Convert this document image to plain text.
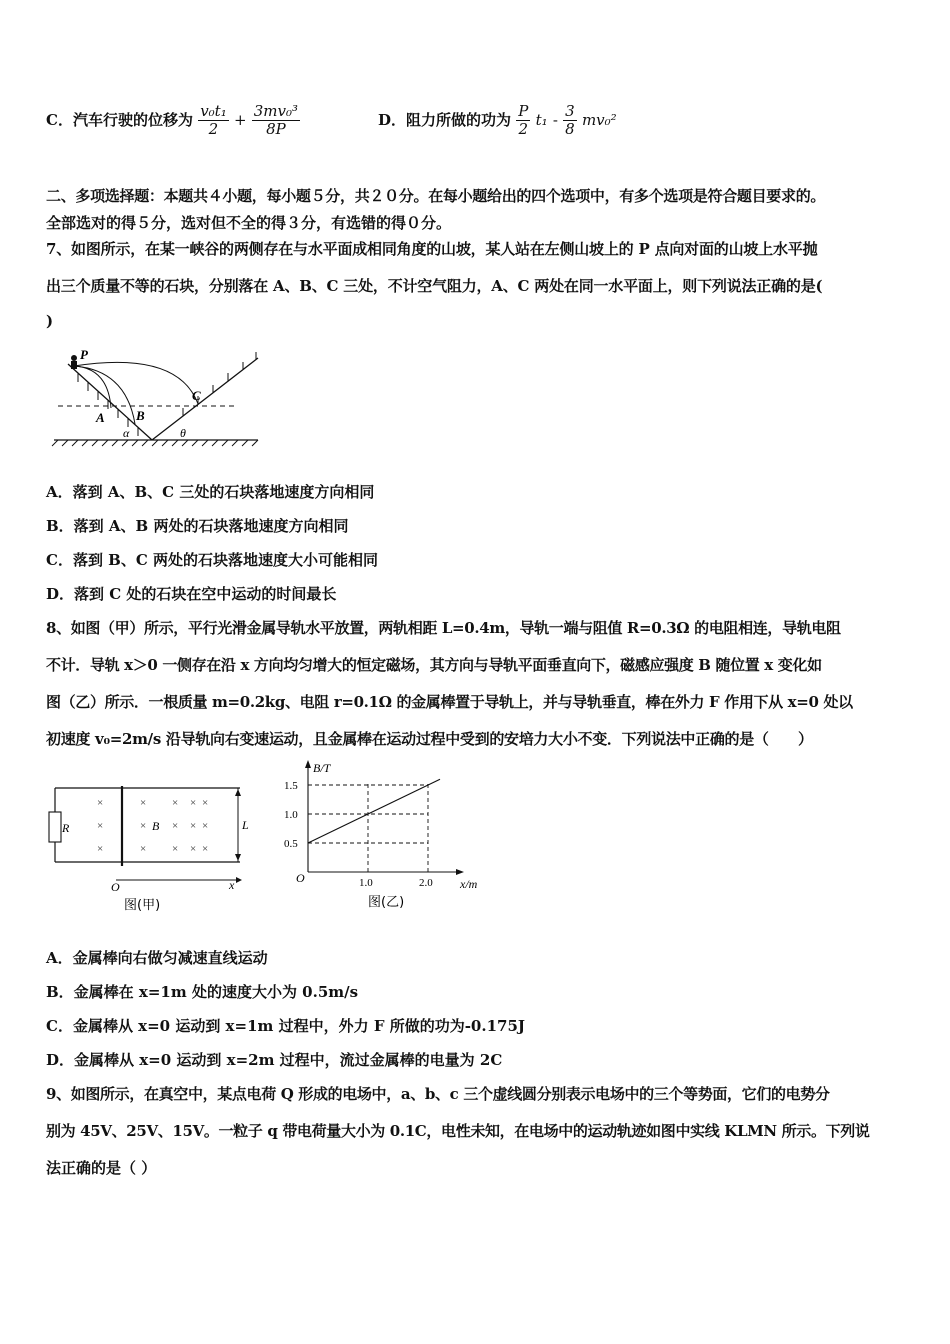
C．汽车行驶的位移为 $\frac{\text{v₀t₁}}{2} + \frac{\text{3mv₀³}}{8P}$	D．阻力所做的功为 $\frac{P}{2} t_1 - \frac{3}{8} mv_0^2$
二、多项选择题：本题共４小题，每小题５分，共２０分。在每小题给出的四个选项中，有多个选项是符合题目要求的。
全部选对的得５分，选对但不全的得３分，有选错的得０分。
7、如图所示，在某一峡谷的两侧存在与水平面成相同角度的山坡，某人站在左侧山坡上的 P 点向对面的山坡上水平抛
出三个质量不等的石块，分别落在 A、B、C 三处，不计空气阻力，A、C 两处在同一水平面上，则下列说法正确的是(
)
P
A B
C
α	θ
A．落到 A、B、C 三处的石块落地速度方向相同
B．落到 A、B 两处的石块落地速度方向相同
C．落到 B、C 两处的石块落地速度大小可能相同
D．落到 C 处的石块在空中运动的时间最长
8、如图（甲）所示，平行光滑金属导轨水平放置，两轨相距 L=0.4m，导轨一端与阻值 R=0.3Ω 的电阻相连，导轨电阻
不计．导轨 x＞0 一侧存在沿 x 方向均匀增大的恒定磁场，其方向与导轨平面垂直向下，磁感应强度 B 随位置 x 变化如
图（乙）所示．一根质量 m=0.2kg、电阻 r=0.1Ω 的金属棒置于导轨上，并与导轨垂直，棒在外力 F 作用下从 x=0 处以
初速度 v₀=2m/s 沿导轨向右变速运动，且金属棒在运动过程中受到的安培力大小不变．下列说法中正确的是（　　）
R
×
×
×
×
×
×
×
×
×
×
×
×
×
×
×
B	L
O	x
图(甲)
B/T
x/m
O	1.0	2.0
0.5
1.0
1.5
图(乙)
A．金属棒向右做匀减速直线运动
B．金属棒在 x=1m 处的速度大小为 0.5m/s
C．金属棒从 x=0 运动到 x=1m 过程中，外力 F 所做的功为-0.175J
D．金属棒从 x=0 运动到 x=2m 过程中，流过金属棒的电量为 2C
9、如图所示，在真空中，某点电荷 Q 形成的电场中，a、b、c 三个虚线圆分别表示电场中的三个等势面，它们的电势分
别为 45V、25V、15V。一粒子 q 带电荷量大小为 0.1C，电性未知，在电场中的运动轨迹如图中实线 KLMN 所示。下列说
法正确的是（ ）
